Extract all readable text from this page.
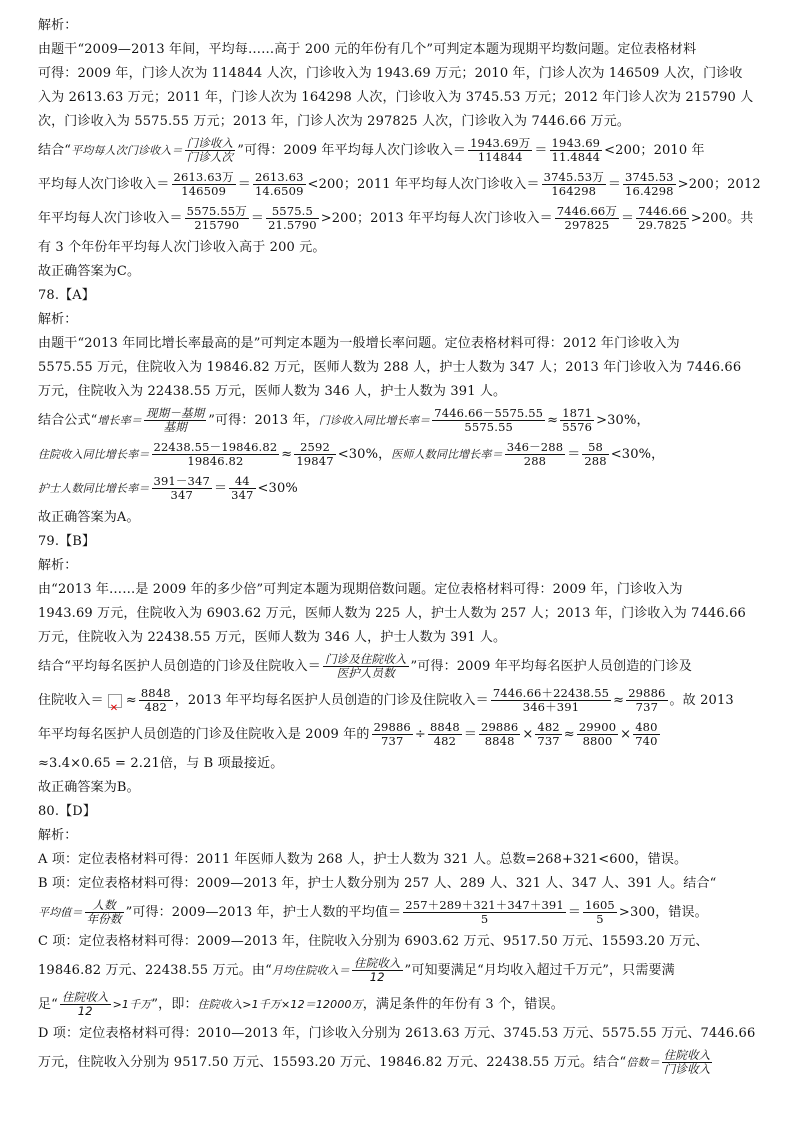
解析：
由题干“2009—2013 年间，平均每……高于 200 元的年份有几个”可判定本题为现期平均数问题。定位表格材料
可得：2009 年，门诊人次为 114844 人次，门诊收入为 1943.69 万元；2010 年，门诊人次为 146509 人次，门诊收
入为 2613.63 万元；2011 年，门诊人次为 164298 人次，门诊收入为 3745.53 万元；2012 年门诊人次为 215790 人
次，门诊收入为 5575.55 万元；2013 年，门诊人次为 297825 人次，门诊收入为 7446.66 万元。
结合“平均每人次门诊收入＝ $\frac{\text{门诊收入}}{\text{门诊人次}}$ ”可得：2009 年平均每人次门诊收入＝ $\frac{\text{1943.69万}}{114844} = \frac{1943.69}{11.4844} <200$；2010 年
平均每人次门诊收入＝ $\frac{\text{2613.63万}}{146509} = \frac{2613.63}{14.6509} <200$；2011 年平均每人次门诊收入＝ $\frac{\text{3745.53万}}{164298} = \frac{3745.53}{16.4298} >200$；2012
年平均每人次门诊收入＝ $\frac{\text{5575.55万}}{215790} = \frac{5575.5}{21.5790} >200$；2013 年平均每人次门诊收入＝ $\frac{\text{7446.66万}}{297825} = \frac{7446.66}{29.7825} >200$。共
有 3 个年份年平均每人次门诊收入高于 200 元。
故正确答案为C。
78.【A】
解析：
由题干“2013 年同比增长率最高的是”可判定本题为一般增长率问题。定位表格材料可得：2012 年门诊收入为
5575.55 万元，住院收入为 19846.82 万元，医师人数为 288 人，护士人数为 347 人；2013 年门诊收入为 7446.66
万元，住院收入为 22438.55 万元，医师人数为 346 人，护士人数为 391 人。
结合公式“增长率＝ $\frac{\text{现期－基期}}{\text{基期}}$ ”可得：2013 年，门诊收入同比增长率＝ $\frac{7446.66-5575.55}{5575.55} \approx \frac{1871}{5576} >30\%$，
住院收入同比增长率＝ $\frac{22438.55-19846.82}{19846.82} \approx \frac{2592}{19847} <30\%$，医师人数同比增长率＝ $\frac{346-288}{288} = \frac{58}{288} <30\%$，
护士人数同比增长率＝ $\frac{391-347}{347} = \frac{44}{347} <30\%$
故正确答案为A。
79.【B】
解析：
由“2013 年……是 2009 年的多少倍”可判定本题为现期倍数问题。定位表格材料可得：2009 年，门诊收入为
1943.69 万元，住院收入为 6903.62 万元，医师人数为 225 人，护士人数为 257 人；2013 年，门诊收入为 7446.66
万元，住院收入为 22438.55 万元，医师人数为 346 人，护士人数为 391 人。
结合“平均每名医护人员创造的门诊及住院收入＝ $\frac{\text{门诊及住院收入}}{\text{医护人员数}}$ ”可得：2009 年平均每名医护人员创造的门诊及
住院收入＝✕ ≈ $\frac{8848}{482}$ ，2013 年平均每名医护人员创造的门诊及住院收入＝ $\frac{7446.66+22438.55}{346+391} \approx \frac{29886}{737}$ 。故 2013
年平均每名医护人员创造的门诊及住院收入是 2009 年的 $\frac{29886}{737} \div \frac{8848}{482} = \frac{29886}{8848} \times \frac{482}{737} \approx \frac{29900}{8800} \times \frac{480}{740}$
≈3.4×0.65 = 2.21倍，与 B 项最接近。
故正确答案为B。
80.【D】
解析：
A 项：定位表格材料可得：2011 年医师人数为 268 人，护士人数为 321 人。总数=268+321<600，错误。
B 项：定位表格材料可得：2009—2013 年，护士人数分别为 257 人、289 人、321 人、347 人、391 人。结合“
平均值＝ $\frac{\text{人数}}{\text{年份数}}$ ”可得：2009—2013 年，护士人数的平均值＝ $\frac{257+289+321+347+391}{5} = \frac{1605}{5} >300$，错误。
C 项：定位表格材料可得：2009—2013 年，住院收入分别为 6903.62 万元、9517.50 万元、15593.20 万元、
19846.82 万元、22438.55 万元。由“月均住院收入＝ $\frac{\text{住院收入}}{12}$ ”可知要满足“月均收入超过千万元”，只需要满
足“ $\frac{\text{住院收入}}{12} >1$千万”，即：住院收入>1千万×12＝12000万，满足条件的年份有 3 个，错误。
D 项：定位表格材料可得：2010—2013 年，门诊收入分别为 2613.63 万元、3745.53 万元、5575.55 万元、7446.66
万元，住院收入分别为 9517.50 万元、15593.20 万元、19846.82 万元、22438.55 万元。结合“倍数＝ $\frac{\text{住院收入}}{\text{门诊收入}}$
